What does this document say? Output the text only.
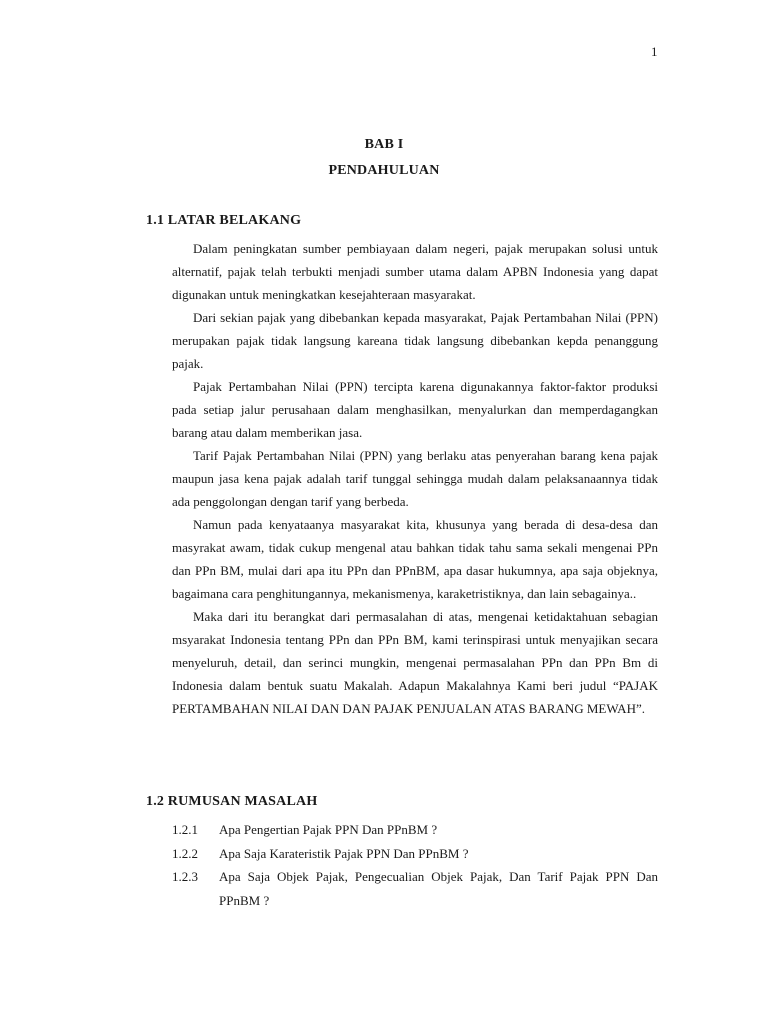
1
BAB I
PENDAHULUAN
1.1 LATAR BELAKANG

Dalam peningkatan sumber pembiayaan dalam negeri, pajak merupakan solusi untuk alternatif, pajak telah terbukti menjadi sumber utama dalam APBN Indonesia yang dapat digunakan untuk meningkatkan kesejahteraan masyarakat.

Dari sekian pajak yang dibebankan kepada masyarakat, Pajak Pertambahan Nilai (PPN) merupakan pajak tidak langsung kareana tidak langsung dibebankan kepda penanggung pajak.

Pajak Pertambahan Nilai (PPN) tercipta karena digunakannya faktor-faktor produksi pada setiap jalur perusahaan dalam menghasilkan, menyalurkan dan memperdagangkan barang atau dalam memberikan jasa.

Tarif Pajak Pertambahan Nilai (PPN) yang berlaku atas penyerahan barang kena pajak maupun jasa kena pajak adalah tarif tunggal sehingga mudah dalam pelaksanaannya tidak ada penggolongan dengan tarif yang berbeda.

Namun pada kenyataanya masyarakat kita, khusunya yang berada di desa-desa dan masyrakat awam, tidak cukup mengenal atau bahkan tidak tahu sama sekali mengenai PPn dan PPn BM, mulai dari apa itu PPn dan PPnBM, apa dasar hukumnya, apa saja objeknya, bagaimana cara penghitungannya, mekanismenya, karaketristiknya, dan lain sebagainya..

Maka dari itu berangkat dari permasalahan di atas, mengenai ketidaktahuan sebagian msyarakat Indonesia tentang PPn dan PPn BM, kami terinspirasi untuk menyajikan secara menyeluruh, detail, dan serinci mungkin, mengenai permasalahan PPn dan PPn Bm di Indonesia dalam bentuk suatu Makalah. Adapun Makalahnya Kami beri judul “PAJAK PERTAMBAHAN NILAI DAN DAN PAJAK PENJUALAN ATAS BARANG MEWAH”.

1.2 RUMUSAN MASALAH
1.2.1	Apa Pengertian Pajak PPN Dan PPnBM ?
1.2.2	Apa Saja Karateristik Pajak PPN Dan PPnBM ?
1.2.3	Apa Saja Objek Pajak, Pengecualian Objek Pajak, Dan Tarif Pajak PPN Dan PPnBM ?
